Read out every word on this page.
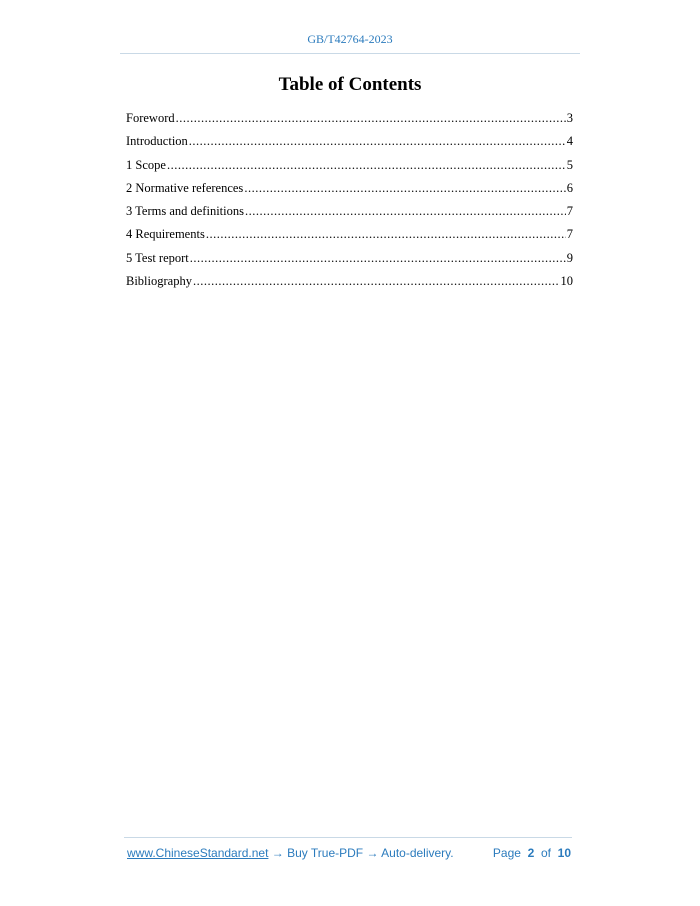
GB/T42764-2023
Table of Contents
Foreword .....	3
Introduction .....	4
1 Scope .....	5
2 Normative references .....	6
3 Terms and definitions .....	7
4 Requirements .....	7
5 Test report .....	9
Bibliography .....	10
www.ChineseStandard.net → Buy True-PDF → Auto-delivery.	Page 2 of 10
